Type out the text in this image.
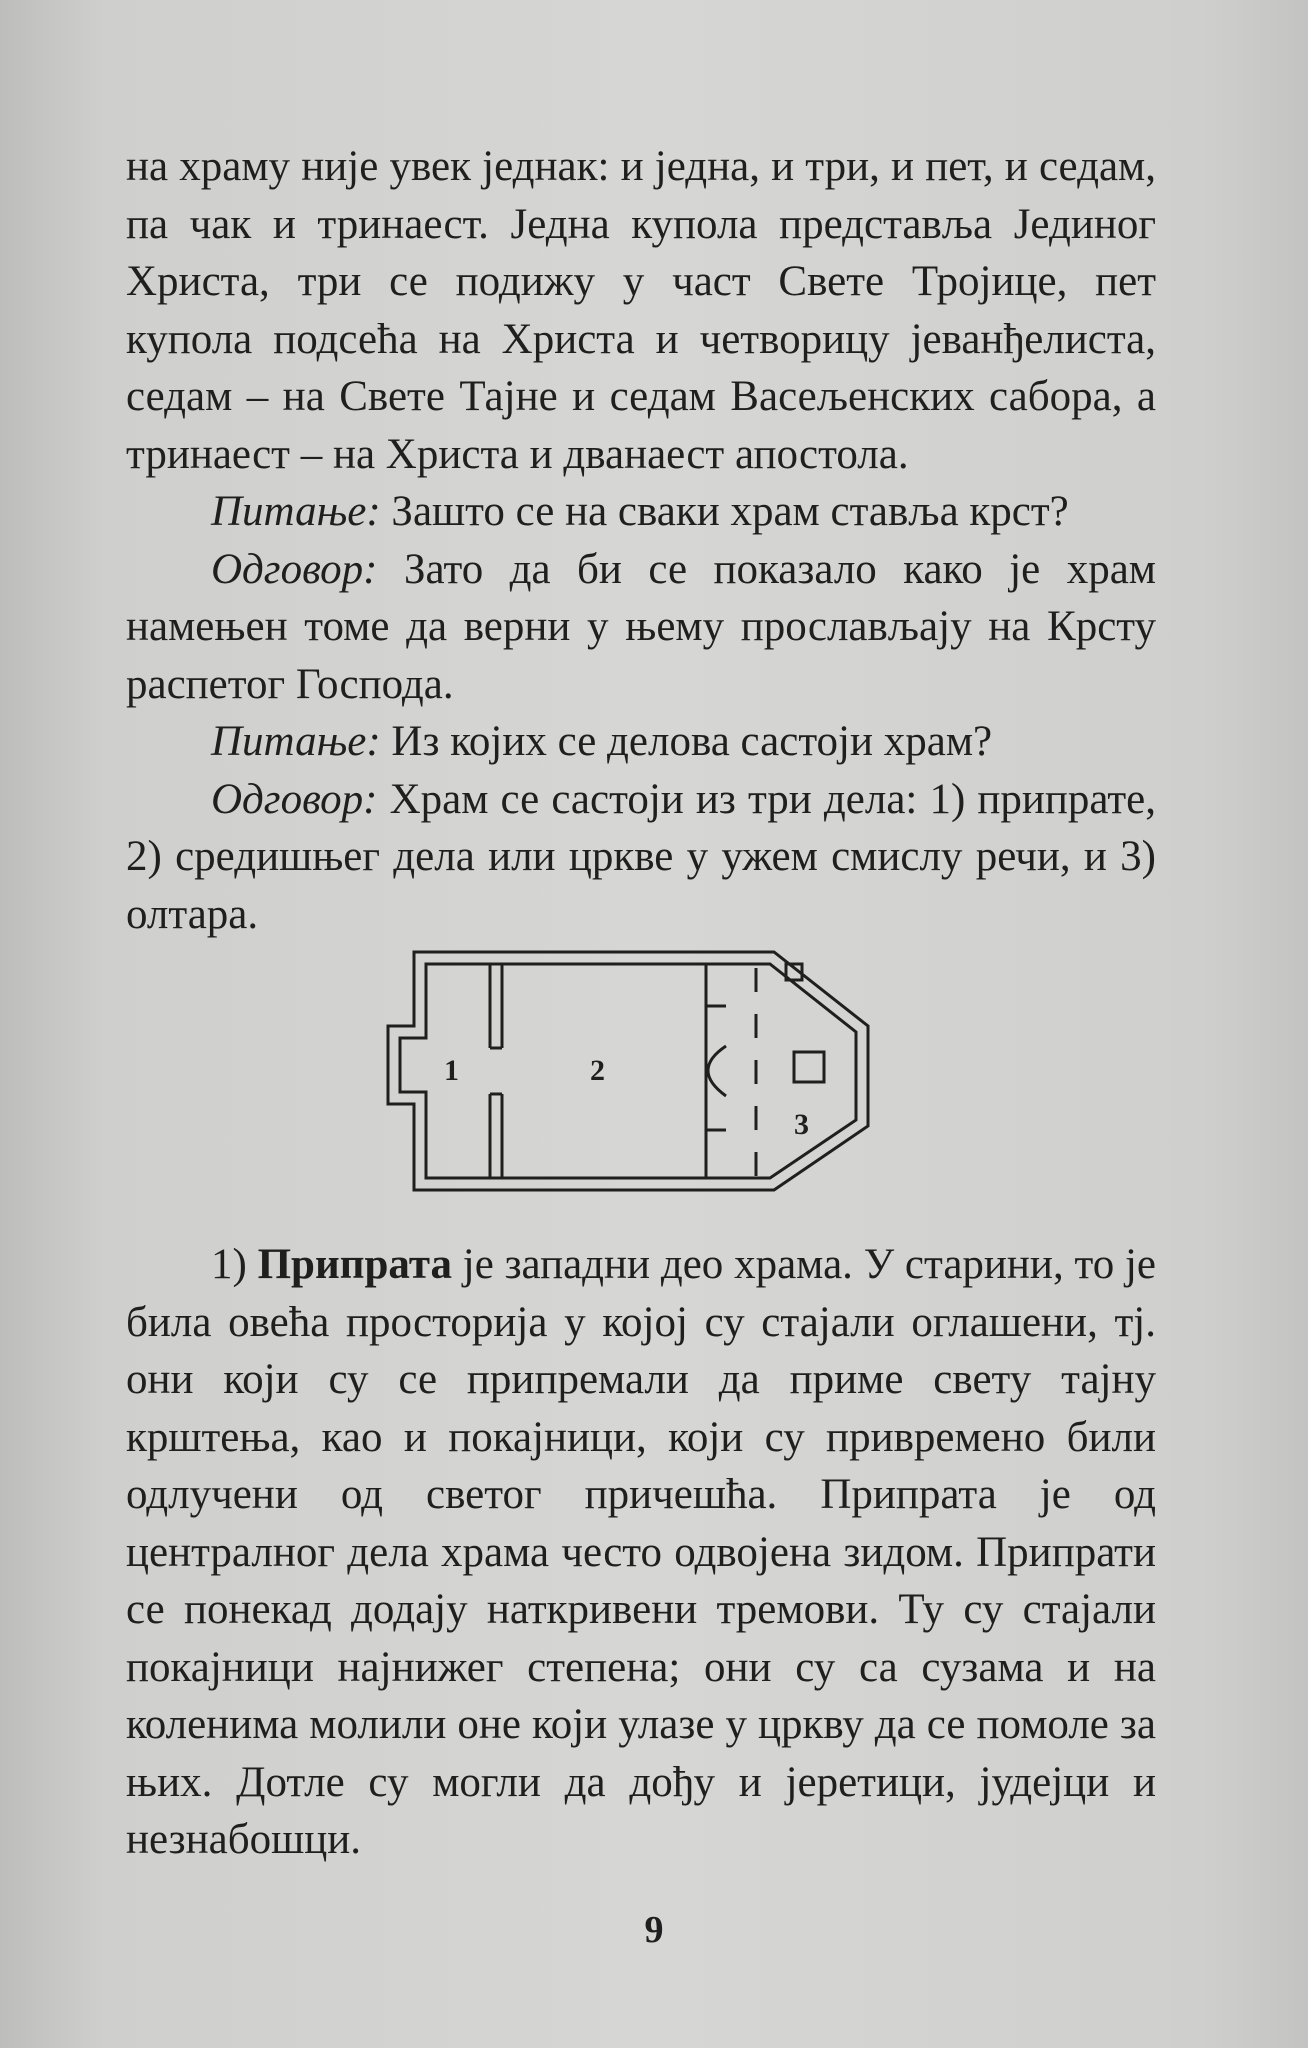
на храму није увек једнак: и једна, и три, и пет, и седам, па чак и тринаест. Једна купола представља Јединог Христа, три се подижу у част Свете Тројице, пет купола подсећа на Христа и четворицу јеванђелиста, седам – на Свете Тајне и седам Васељенских сабора, а тринаест – на Христа и дванаест апостола.

Питање: Зашто се на сваки храм ставља крст?

Одговор: Зато да би се показало како је храм намењен томе да верни у њему прослављају на Крсту распетог Господа.

Питање: Из којих се делова састоји храм?

Одговор: Храм се састоји из три дела: 1) припрате, 2) средишњег дела или цркве у ужем смислу речи, и 3) олтара.

1	2
3

1) Припрата је западни део храма. У старини, то је била овећа просторија у којој су стајали оглашени, тј. они који су се припремали да приме свету тајну крштења, као и покајници, који су привремено били одлучени од светог причешћа. Припрата је од централног дела храма често одвојена зидом. Припрати се понекад додају наткривени тремови. Ту су стајали покајници најнижег степена; они су са сузама и на коленима молили оне који улазе у цркву да се помоле за њих. Дотле су могли да дођу и јеретици, јудејци и незнабошци.

9
